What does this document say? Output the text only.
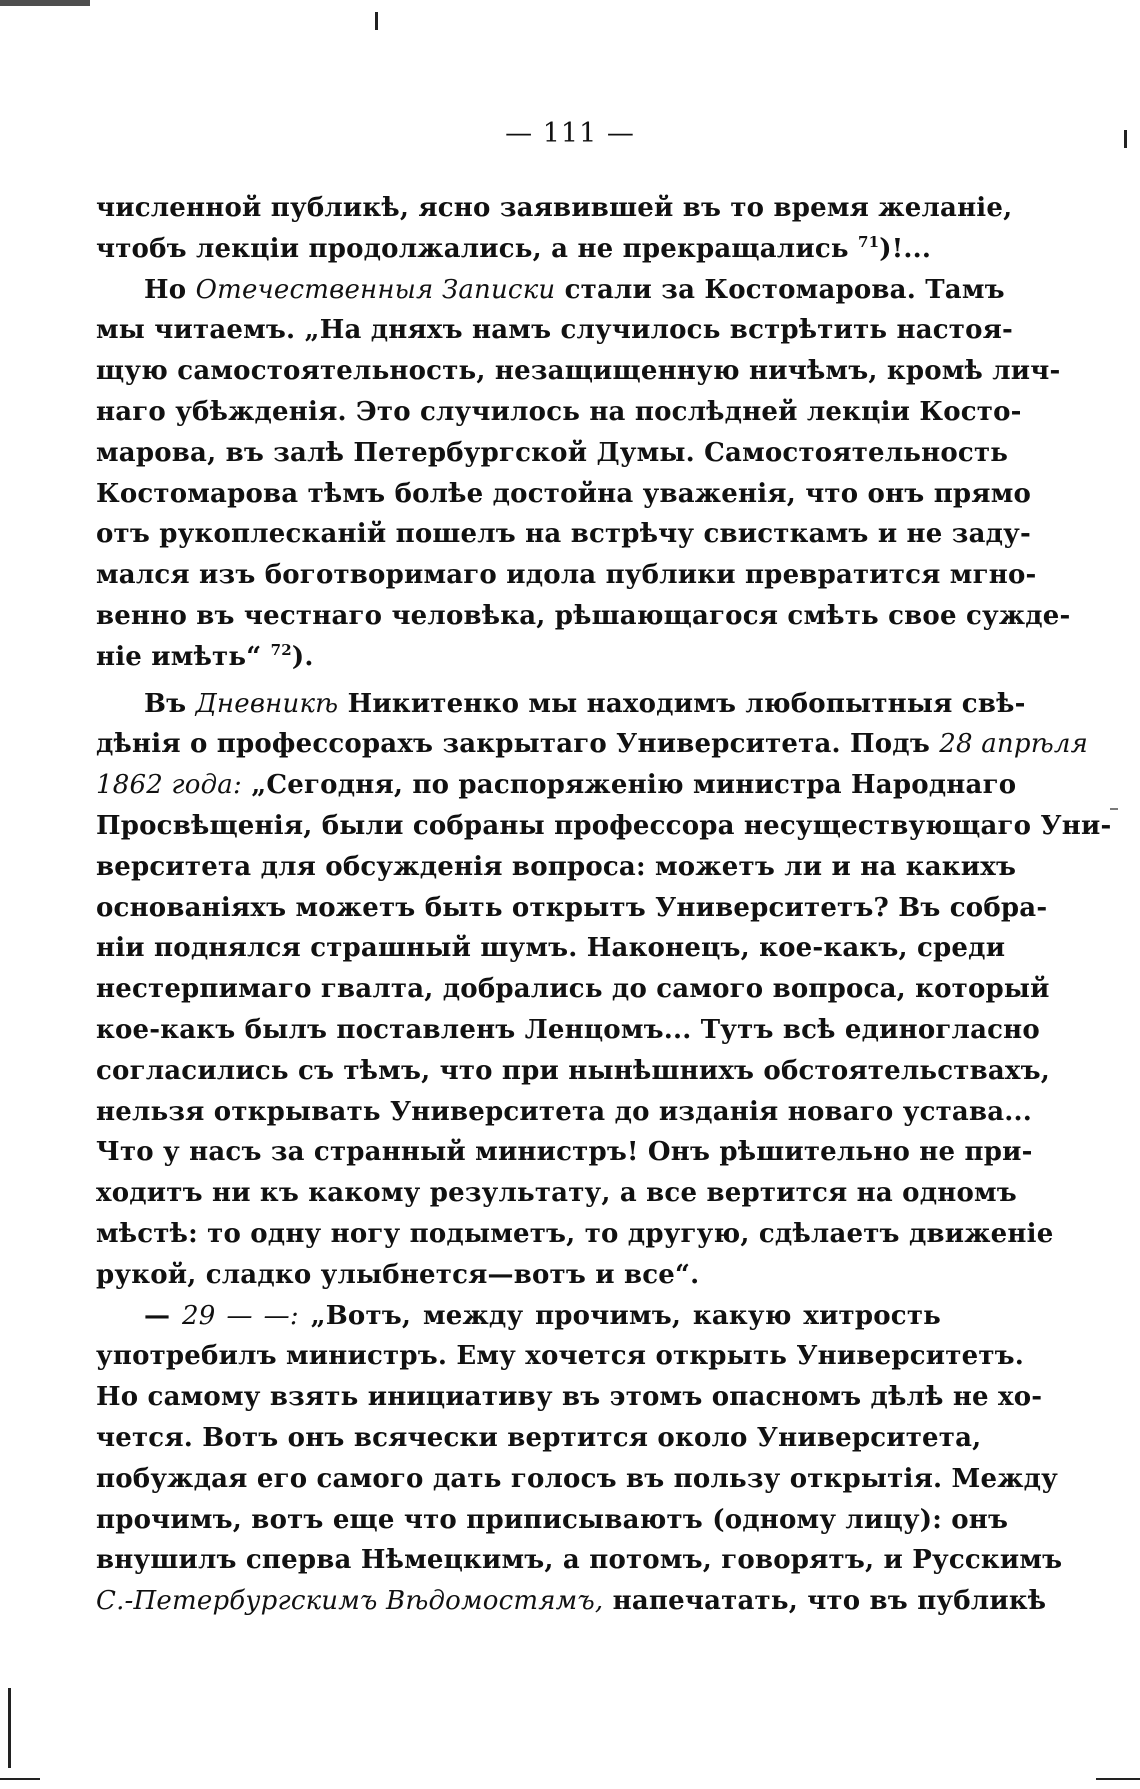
— 111 —
численной публикѣ, ясно заявившей въ то время желаніе,
чтобъ лекціи продолжались, а не прекращались $^{71}$)!...
Но Отечественныя Записки стали за Костомарова. Тамъ
мы читаемъ. „На дняхъ намъ случилось встрѣтить настоя-
щую самостоятельность, незащищенную ничѣмъ, кромѣ лич-
наго убѣжденія. Это случилось на послѣдней лекціи Косто-
марова, въ залѣ Петербургской Думы. Самостоятельность
Костомарова тѣмъ болѣе достойна уваженія, что онъ прямо
отъ рукоплесканій пошелъ на встрѣчу свисткамъ и не заду-
мался изъ боготворимаго идола публики превратится мгно-
венно въ честнаго человѣка, рѣшающагося смѣть свое сужде-
ніе имѣть“ $^{72}$).
Въ Дневникѣ Никитенко мы находимъ любопытныя свѣ-
дѣнія о профессорахъ закрытаго Университета. Подъ 28 апрѣля
1862 года: „Сегодня, по распоряженію министра Народнаго
Просвѣщенія, были собраны профессора несуществующаго Уни-
верситета для обсужденія вопроса: можетъ ли и на какихъ
основаніяхъ можетъ быть открытъ Университетъ? Въ собра-
ніи поднялся страшный шумъ. Наконецъ, кое-какъ, среди
нестерпимаго гвалта, добрались до самого вопроса, который
кое-какъ былъ поставленъ Ленцомъ... Тутъ всѣ единогласно
согласились съ тѣмъ, что при нынѣшнихъ обстоятельствахъ,
нельзя открывать Университета до изданія новаго устава...
Что у насъ за странный министръ! Онъ рѣшительно не при-
ходитъ ни къ какому результату, а все вертится на одномъ
мѣстѣ: то одну ногу подыметъ, то другую, сдѣлаетъ движеніе
рукой, сладко улыбнется—вотъ и все“.
— 29 — —: „Вотъ, между прочимъ, какую хитрость
употребилъ министръ. Ему хочется открыть Университетъ.
Но самому взять инициативу въ этомъ опасномъ дѣлѣ не хо-
чется. Вотъ онъ всячески вертится около Университета,
побуждая его самого дать голосъ въ пользу открытія. Между
прочимъ, вотъ еще что приписываютъ (одному лицу): онъ
внушилъ сперва Нѣмецкимъ, а потомъ, говорятъ, и Русскимъ
С.-Петербургскимъ Вѣдомостямъ, напечатать, что въ публикѣ
